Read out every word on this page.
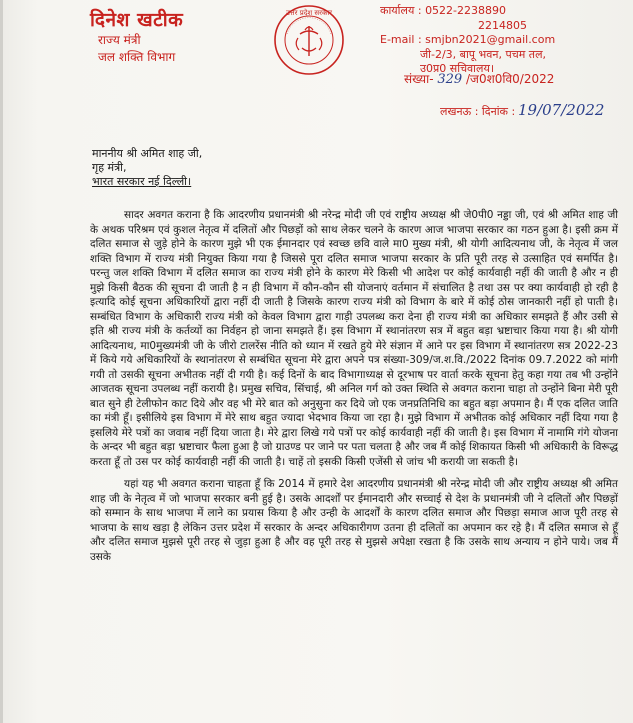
दिनेश खटीक
राज्य मंत्री
जल शक्ति विभाग
उत्तर प्रदेश सरकार	कार्यालय : 0522-2238890
2214805
E-mail : smjbn2021@gmail.com
जी-2/3, बापू भवन, पचम तल,
उ0प्र0 सचिवालय।
संख्या- 329 /ज0श0वि0/2022
लखनऊ : दिनांक : 19/07/2022
माननीय श्री अमित शाह जी,
गृह मंत्री,
भारत सरकार नई दिल्ली।

सादर अवगत कराना है कि आदरणीय प्रधानमंत्री श्री नरेन्द्र मोदी जी एवं राष्ट्रीय अध्यक्ष श्री जे0पी0 नड्डा जी, एवं श्री अमित शाह जी के अथक परिश्रम एवं कुशल नेतृत्व में दलितों और पिछड़ों को साथ लेकर चलने के कारण आज भाजपा सरकार का गठन हुआ है। इसी क्रम में दलित समाज से जुड़े होने के कारण मुझे भी एक ईमानदार एवं स्वच्छ छवि वाले मा0 मुख्य मंत्री, श्री योगी आदित्यनाथ जी, के नेतृत्व में जल शक्ति विभाग में राज्य मंत्री नियुक्त किया गया है जिससे पूरा दलित समाज भाजपा सरकार के प्रति पूरी तरह से उत्साहित एवं समर्पित है। परन्तु जल शक्ति विभाग में दलित समाज का राज्य मंत्री होने के कारण मेरे किसी भी आदेश पर कोई कार्यवाही नहीं की जाती है और न ही मुझे किसी बैठक की सूचना दी जाती है न ही विभाग में कौन-कौन सी योजनाएं वर्तमान में संचालित है तथा उस पर क्या कार्यवाही हो रही है इत्यादि कोई सूचना अधिकारियों द्वारा नहीं दी जाती है जिसके कारण राज्य मंत्री को विभाग के बारे में कोई ठोस जानकारी नहीं हो पाती है। सम्बंधित विभाग के अधिकारी राज्य मंत्री को केवल विभाग द्वारा गाड़ी उपलब्ध करा देना ही राज्य मंत्री का अधिकार समझते हैं और उसी से इति श्री राज्य मंत्री के कर्तव्यों का निर्वहन हो जाना समझते हैं। इस विभाग में स्थानांतरण सत्र में बहुत बड़ा भ्रष्टाचार किया गया है। श्री योगी आदित्यनाथ, मा0मुख्यमंत्री जी के जीरो टालरेंस नीति को ध्यान में रखते हुये मेरे संज्ञान में आने पर इस विभाग में स्थानांतरण सत्र 2022-23 में किये गये अधिकारियों के स्थानांतरण से सम्बंधित सूचना मेरे द्वारा अपने पत्र संख्या-309/ज.श.वि./2022 दिनांक 09.7.2022 को मांगी गयी तो उसकी सूचना अभीतक नहीं दी गयी है। कई दिनों के बाद विभागाध्यक्ष से दूरभाष पर वार्ता करके सूचना हेतु कहा गया तब भी उन्होंने आजतक सूचना उपलब्ध नहीं करायी है। प्रमुख सचिव, सिंचाई, श्री अनिल गर्ग को उक्त स्थिति से अवगत कराना चाहा तो उन्होंने बिना मेरी पूरी बात सुने ही टेलीफोन काट दिये और वह भी मेरे बात को अनुसुना कर दिये जो एक जनप्रतिनिधि का बहुत बड़ा अपमान है। मैं एक दलित जाति का मंत्री हूँ। इसीलिये इस विभाग में मेरे साथ बहुत ज्यादा भेदभाव किया जा रहा है। मुझे विभाग में अभीतक कोई अधिकार नहीं दिया गया है इसलिये मेरे पत्रों का जवाब नहीं दिया जाता है। मेरे द्वारा लिखे गये पत्रों पर कोई कार्यवाही नहीं की जाती है। इस विभाग में नामामि गंगे योजना के अन्दर भी बहुत बड़ा भ्रष्टाचार फैला हुआ है जो ग्राउण्ड पर जाने पर पता चलता है और जब मैं कोई शिकायत किसी भी अधिकारी के विरूद्ध करता हूँ तो उस पर कोई कार्यवाही नहीं की जाती है। चाहें तो इसकी किसी एजेंसी से जांच भी करायी जा सकती है।

यहां यह भी अवगत कराना चाहता हूँ कि 2014 में हमारे देश आदरणीय प्रधानमंत्री श्री नरेन्द्र मोदी जी और राष्ट्रीय अध्यक्ष श्री अमित शाह जी के नेतृत्व में जो भाजपा सरकार बनी हुई है। उसके आदर्शों पर ईमानदारी और सच्चाई से देश के प्रधानमंत्री जी ने दलितों और पिछड़ों को सम्मान के साथ भाजपा में लाने का प्रयास किया है और उन्ही के आदर्शों के कारण दलित समाज और पिछड़ा समाज आज पूरी तरह से भाजपा के साथ खड़ा है लेकिन उत्तर प्रदेश में सरकार के अन्दर अधिकारीगण उतना ही दलितों का अपमान कर रहे है। मैं दलित समाज से हूँ और दलित समाज मुझसे पूरी तरह से जुड़ा हुआ है और वह पूरी तरह से मुझसे अपेक्षा रखता है कि उसके साथ अन्याय न होने पाये। जब मैं उसके
